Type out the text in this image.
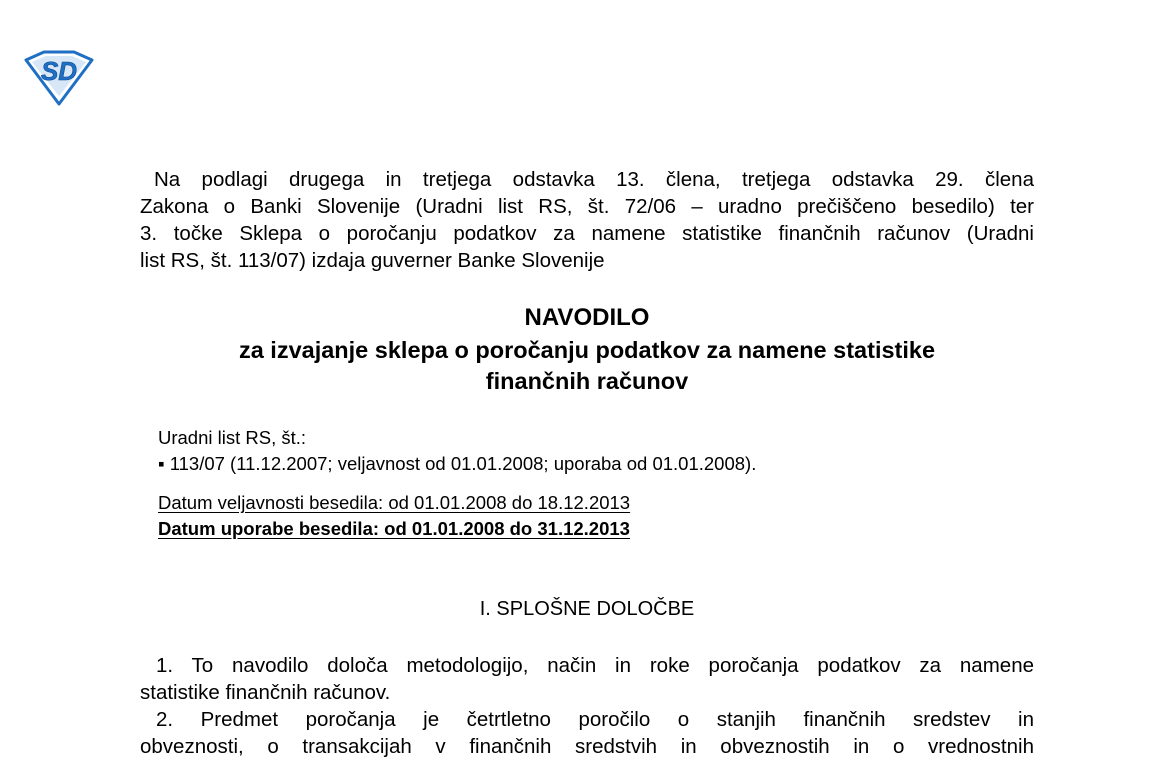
SD
Na podlagi drugega in tretjega odstavka 13. člena, tretjega odstavka 29. člena
Zakona o Banki Slovenije (Uradni list RS, št. 72/06 – uradno prečiščeno besedilo) ter
3. točke Sklepa o poročanju podatkov za namene statistike finančnih računov (Uradni
list RS, št. 113/07) izdaja guverner Banke Slovenije
NAVODILO
za izvajanje sklepa o poročanju podatkov za namene statistike
finančnih računov
Uradni list RS, št.:
▪ 113/07 (11.12.2007; veljavnost od 01.01.2008; uporaba od 01.01.2008).
Datum veljavnosti besedila: od 01.01.2008 do 18.12.2013
Datum uporabe besedila: od 01.01.2008 do 31.12.2013
I. SPLOŠNE DOLOČBE
1. To navodilo določa metodologijo, način in roke poročanja podatkov za namene
statistike finančnih računov.
2. Predmet poročanja je četrtletno poročilo o stanjih finančnih sredstev in
obveznosti, o transakcijah v finančnih sredstvih in obveznostih in o vrednostnih
